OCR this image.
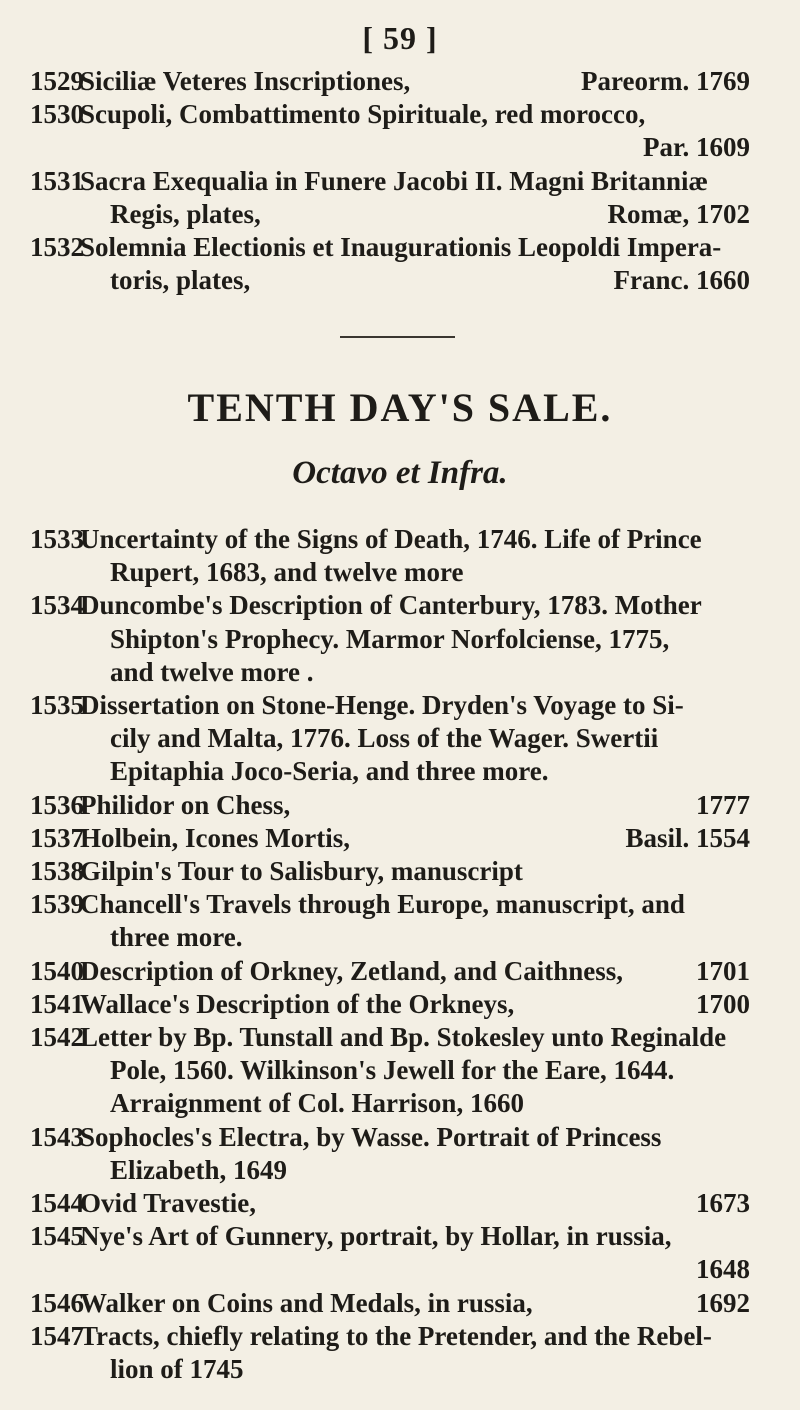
[ 59 ]
TENTH DAY'S SALE.
Octavo et Infra.
1529
Siciliæ Veteres Inscriptiones,	Pareorm. 1769
1530
Scupoli, Combattimento Spirituale, red morocco,
Par. 1609
1531
Sacra Exequalia in Funere Jacobi II. Magni Britanniæ
Regis, plates,	Romæ, 1702
1532
Solemnia Electionis et Inaugurationis Leopoldi Impera-
toris, plates,	Franc. 1660
1533
Uncertainty of the Signs of Death, 1746. Life of Prince
Rupert, 1683, and twelve more
1534
Duncombe's Description of Canterbury, 1783. Mother
Shipton's Prophecy. Marmor Norfolciense, 1775,
and twelve more .
1535
Dissertation on Stone-Henge. Dryden's Voyage to Si-
cily and Malta, 1776. Loss of the Wager. Swertii
Epitaphia Joco-Seria, and three more.
1536
Philidor on Chess,	1777
1537
Holbein, Icones Mortis,	Basil. 1554
1538
Gilpin's Tour to Salisbury, manuscript
1539
Chancell's Travels through Europe, manuscript, and
three more.
1540
Description of Orkney, Zetland, and Caithness,	1701
1541
Wallace's Description of the Orkneys,	1700
1542
Letter by Bp. Tunstall and Bp. Stokesley unto Reginalde
Pole, 1560. Wilkinson's Jewell for the Eare, 1644.
Arraignment of Col. Harrison, 1660
1543
Sophocles's Electra, by Wasse. Portrait of Princess
Elizabeth, 1649
1544
Ovid Travestie,	1673
1545
Nye's Art of Gunnery, portrait, by Hollar, in russia,
1648
1546
Walker on Coins and Medals, in russia,	1692
1547
Tracts, chiefly relating to the Pretender, and the Rebel-
lion of 1745
